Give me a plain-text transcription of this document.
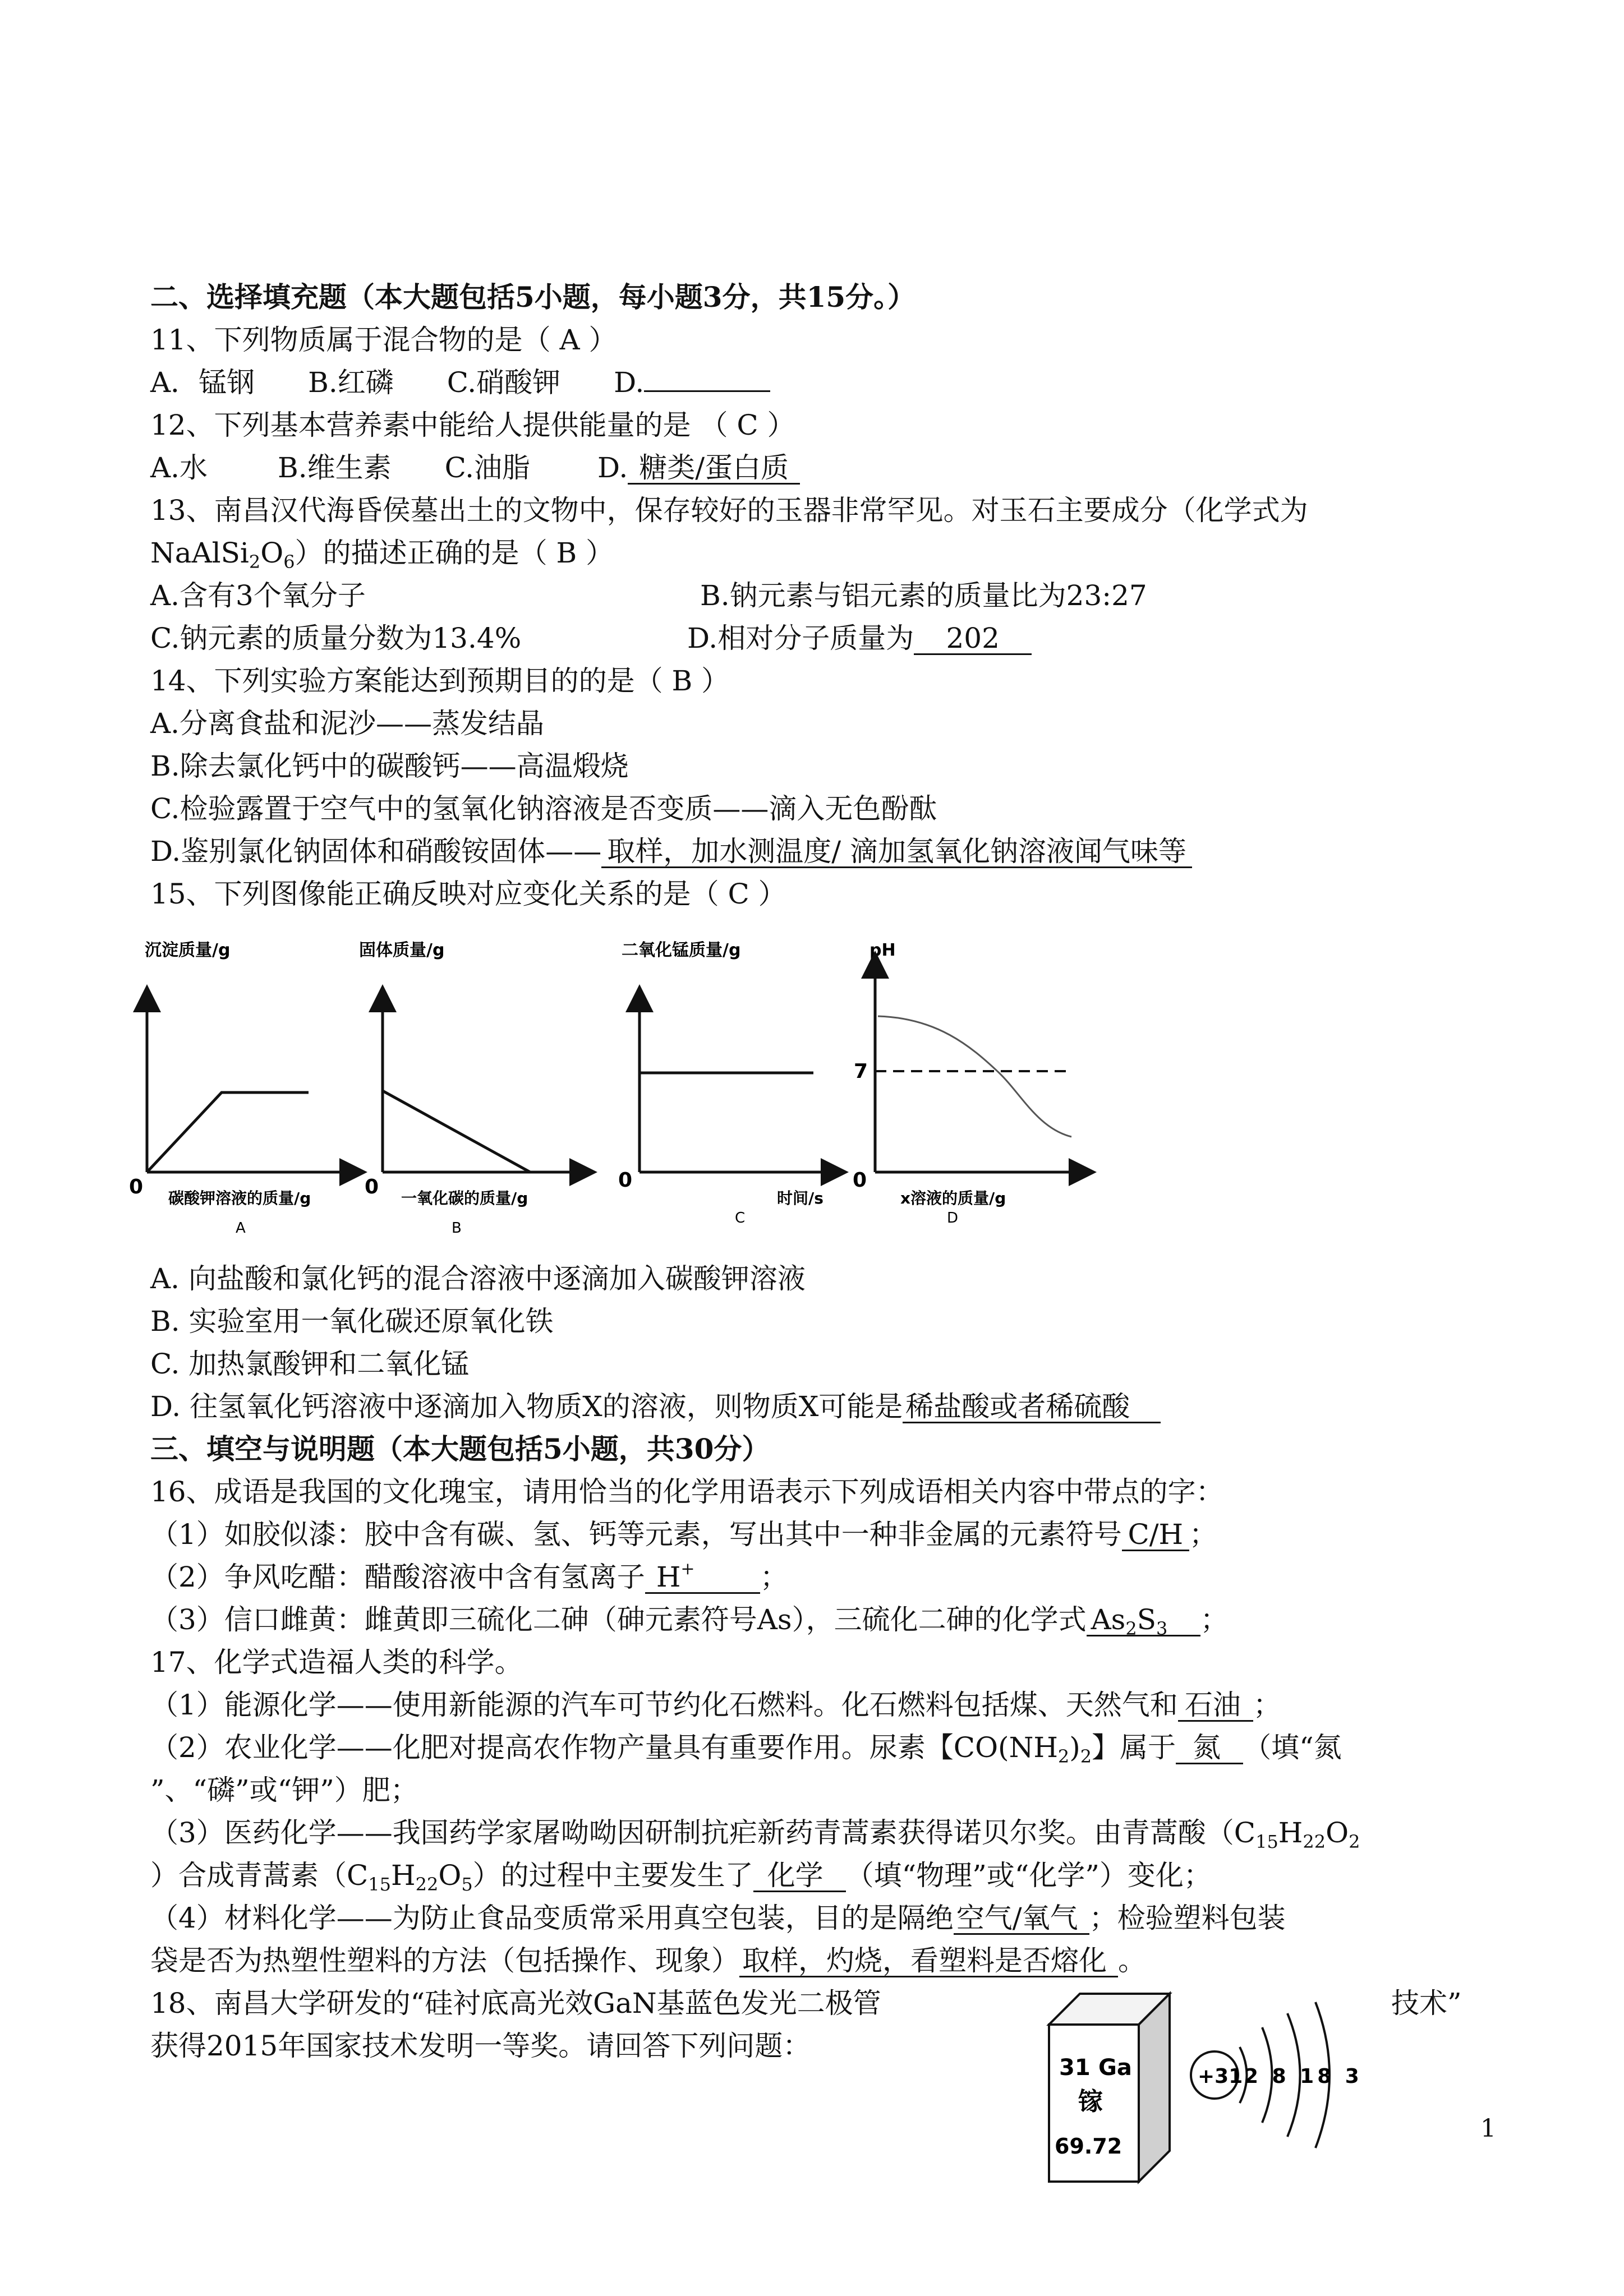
二、选择填充题（本大题包括5小题，每小题3分，共15分。）
11、下列物质属于混合物的是（ A ）
A．锰钢 B.红磷 C.硝酸钾 D.
12、下列基本营养素中能给人提供能量的是 （ C ）
A.水	B.维生素 C.油脂 D. 糖类/蛋白质
13、南昌汉代海昏侯墓出土的文物中，保存较好的玉器非常罕见。对玉石主要成分（化学式为
$NaAlSi_2O_6$）的描述正确的是（ B ）
A.含有3个氧分子	B.钠元素与铝元素的质量比为23:27
C.钠元素的质量分数为13.4%	D.相对分子质量为 202
14、下列实验方案能达到预期目的的是（ B ）
A.分离食盐和泥沙——蒸发结晶
B.除去氯化钙中的碳酸钙——高温煅烧
C.检验露置于空气中的氢氧化钠溶液是否变质——滴入无色酚酞
D.鉴别氯化钠固体和硝酸铵固体—— 取样，加水测温度/ 滴加氢氧化钠溶液闻气味等
15、下列图像能正确反映对应变化关系的是（ C ）
沉淀质量/g
0 碳酸钾溶液的质量/g
A
固体质量/g
0 一氧化碳的质量/g
B
二氧化锰质量/g
0
时间/s
C
pH
7
0
x溶液的质量/g
D
A. 向盐酸和氯化钙的混合溶液中逐滴加入碳酸钾溶液
B. 实验室用一氧化碳还原氧化铁
C. 加热氯酸钾和二氧化锰
D. 往氢氧化钙溶液中逐滴加入物质X的溶液，则物质X可能是 稀盐酸或者稀硫酸
三、填空与说明题（本大题包括5小题，共30分）
16、成语是我国的文化瑰宝，请用恰当的化学用语表示下列成语相关内容中带点的字：
（1）如胶似漆：胶中含有碳、氢、钙等元素，写出其中一种非金属的元素符号 C/H ；
（2）争风吃醋：醋酸溶液中含有氢离子 H+ ；
（3）信口雌黄：雌黄即三硫化二砷（砷元素符号As），三硫化二砷的化学式 $As_2S_3$ ；
17、化学式造福人类的科学。
（1）能源化学——使用新能源的汽车可节约化石燃料。化石燃料包括煤、天然气和 石油 ；
（2）农业化学——化肥对提高农作物产量具有重要作用。尿素【$CO(NH_2)_2$】属于 氮 （填“氮
”、“磷”或“钾”）肥；
（3）医药化学——我国药学家屠呦呦因研制抗疟新药青蒿素获得诺贝尔奖。由青蒿酸（$C_{15}H_{22}O_2$
）合成青蒿素$(C_{15}H_{22}O_5)$的过程中主要发生了 化学 （填“物理”或“化学”）变化；
（4）材料化学——为防止食品变质常采用真空包装，目的是隔绝 空气/氧气 ；检验塑料包装
袋是否为热塑性塑料的方法（包括操作、现象） 取样，灼烧，看塑料是否熔化 。
18、南昌大学研发的“硅衬底高光效GaN基蓝色发光二极管	技术”
获得2015年国家技术发明一等奖。请回答下列问题：
31 Ga
镓
69.72
+31 2 8 18 3
1
